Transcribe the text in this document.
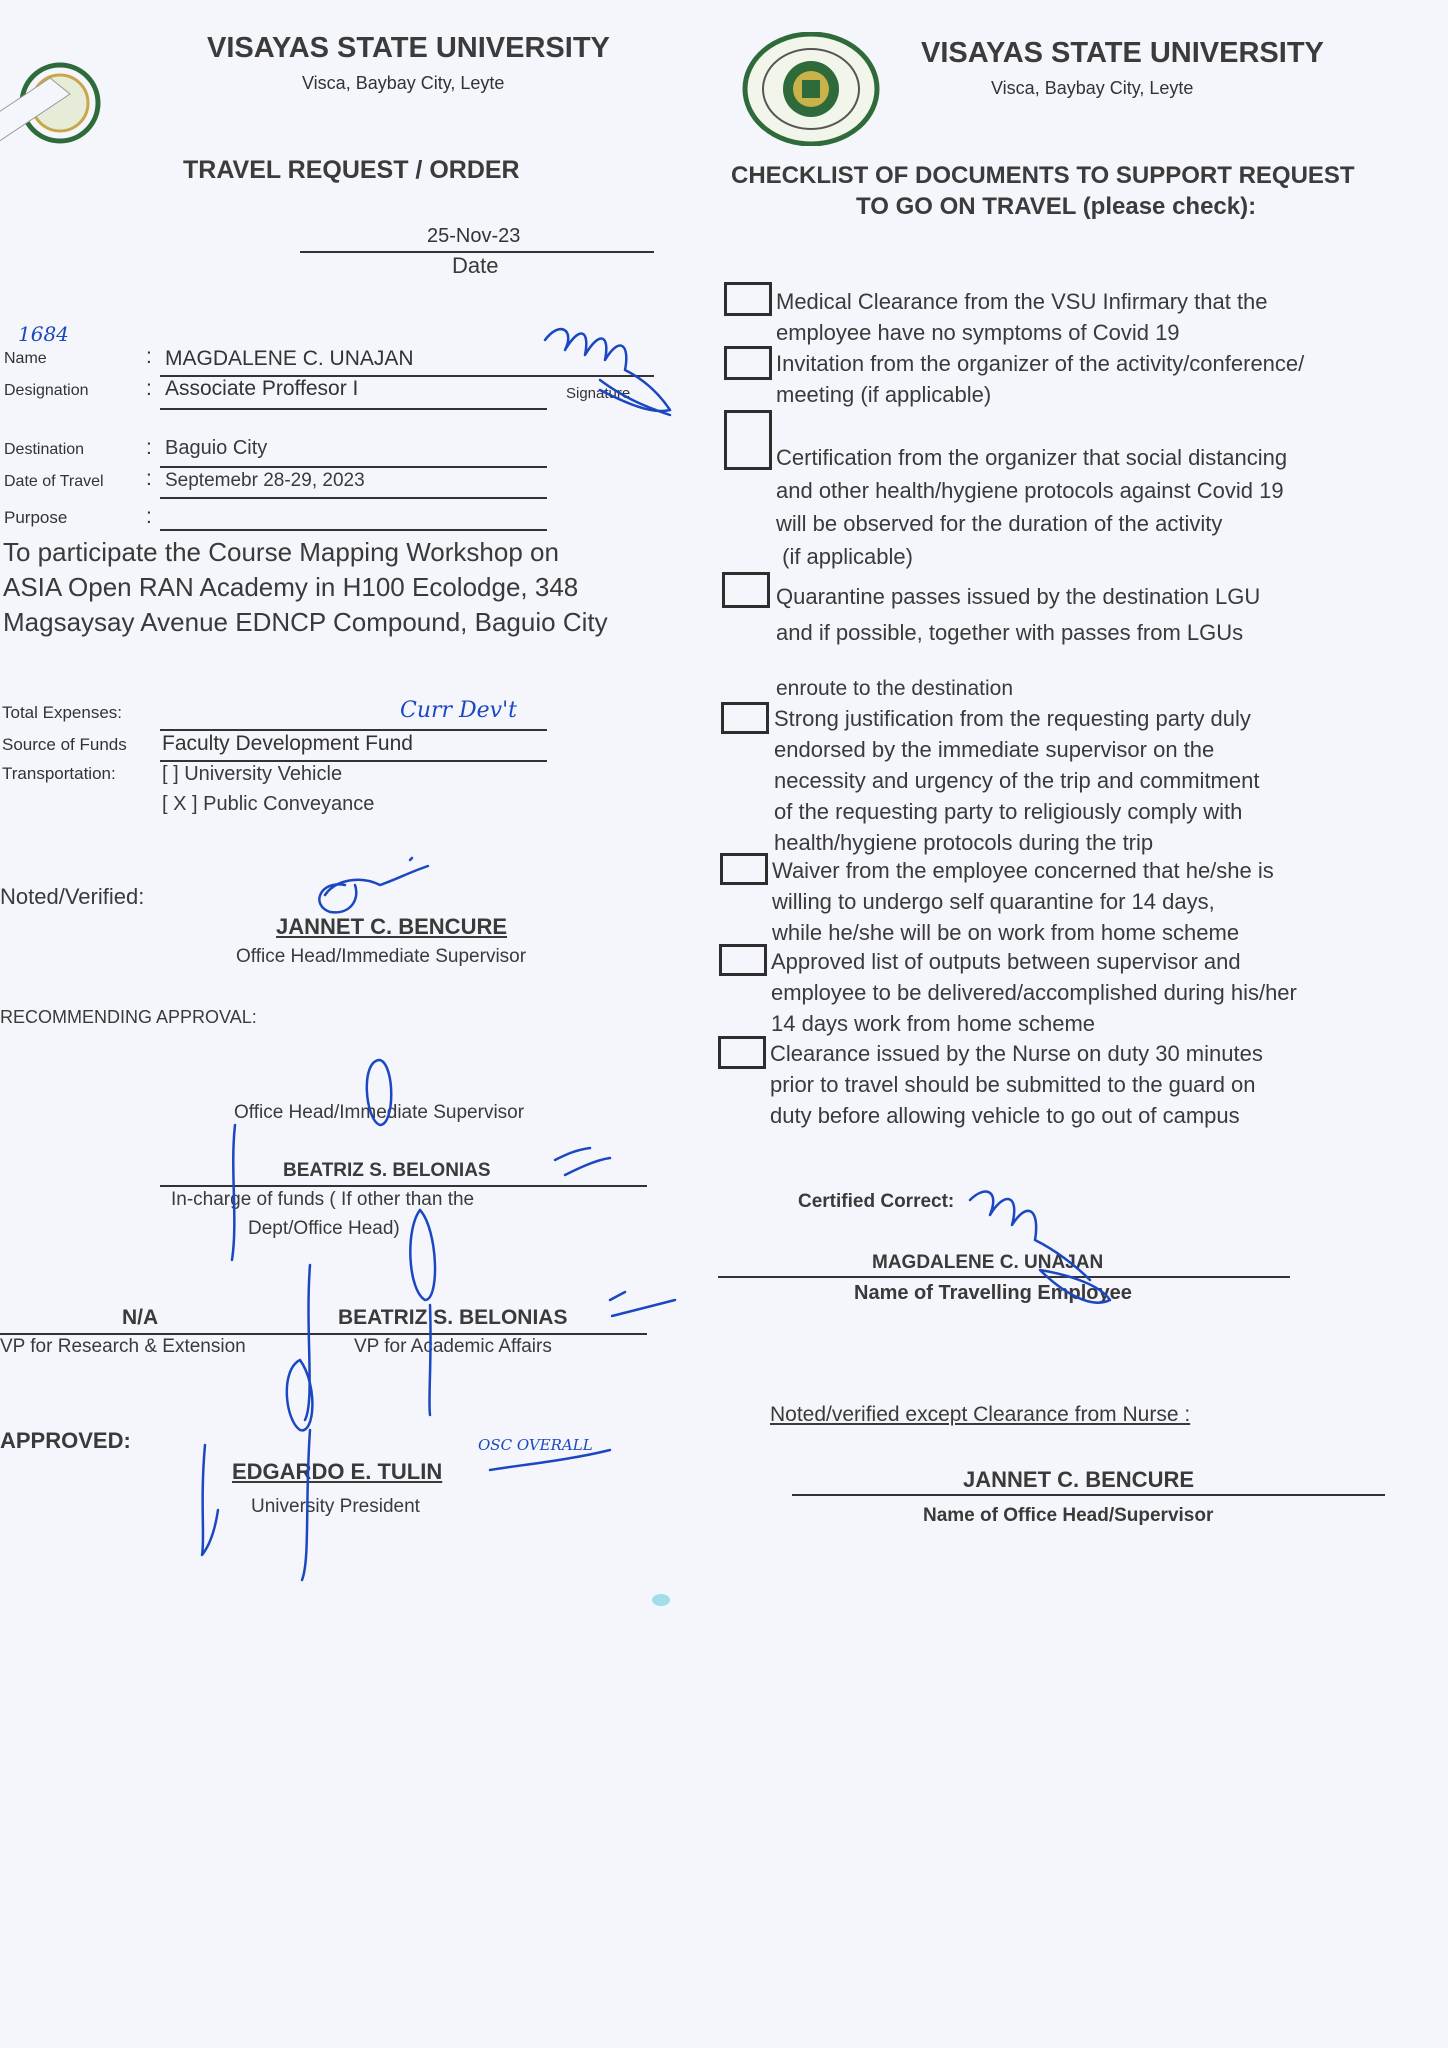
VISAYAS STATE UNIVERSITY
Visca, Baybay City, Leyte
TRAVEL REQUEST / ORDER
25-Nov-23
Date
1684
Name	: MAGDALENE C. UNAJAN
Signature
Designation	: Associate Proffesor I
Destination	: Baguio City
Date of Travel : Septemebr 28-29, 2023
Purpose	:
To participate the Course Mapping Workshop on
ASIA Open RAN Academy in H100 Ecolodge, 348
Magsaysay Avenue EDNCP Compound, Baguio City
Total Expenses:	Curr Dev't
Source of Funds Faculty Development Fund
Transportation: [ ] University Vehicle
[ X ] Public Conveyance
Noted/Verified:
JANNET C. BENCURE
Office Head/Immediate Supervisor
RECOMMENDING APPROVAL:
Office Head/Immediate Supervisor
BEATRIZ S. BELONIAS
In-charge of funds ( If other than the
Dept/Office Head)
N/A
VP for Research & Extension
BEATRIZ S. BELONIAS
VP for Academic Affairs
APPROVED:	OSC OVERALL
EDGARDO E. TULIN
University President
VISAYAS STATE UNIVERSITY
Visca, Baybay City, Leyte
CHECKLIST OF DOCUMENTS TO SUPPORT REQUEST
TO GO ON TRAVEL (please check):
Medical Clearance from the VSU Infirmary that the
employee have no symptoms of Covid 19
Invitation from the organizer of the activity/conference/
meeting (if applicable)
Certification from the organizer that social distancing
and other health/hygiene protocols against Covid 19
will be observed for the duration of the activity
(if applicable)
Quarantine passes issued by the destination LGU
and if possible, together with passes from LGUs
enroute to the destination
Strong justification from the requesting party duly
endorsed by the immediate supervisor on the
necessity and urgency of the trip and commitment
of the requesting party to religiously comply with
health/hygiene protocols during the trip
Waiver from the employee concerned that he/she is
willing to undergo self quarantine for 14 days,
while he/she will be on work from home scheme
Approved list of outputs between supervisor and
employee to be delivered/accomplished during his/her
14 days work from home scheme
Clearance issued by the Nurse on duty 30 minutes
prior to travel should be submitted to the guard on
duty before allowing vehicle to go out of campus
Certified Correct:
MAGDALENE C. UNAJAN
Name of Travelling Employee
Noted/verified except Clearance from Nurse :
JANNET C. BENCURE
Name of Office Head/Supervisor
